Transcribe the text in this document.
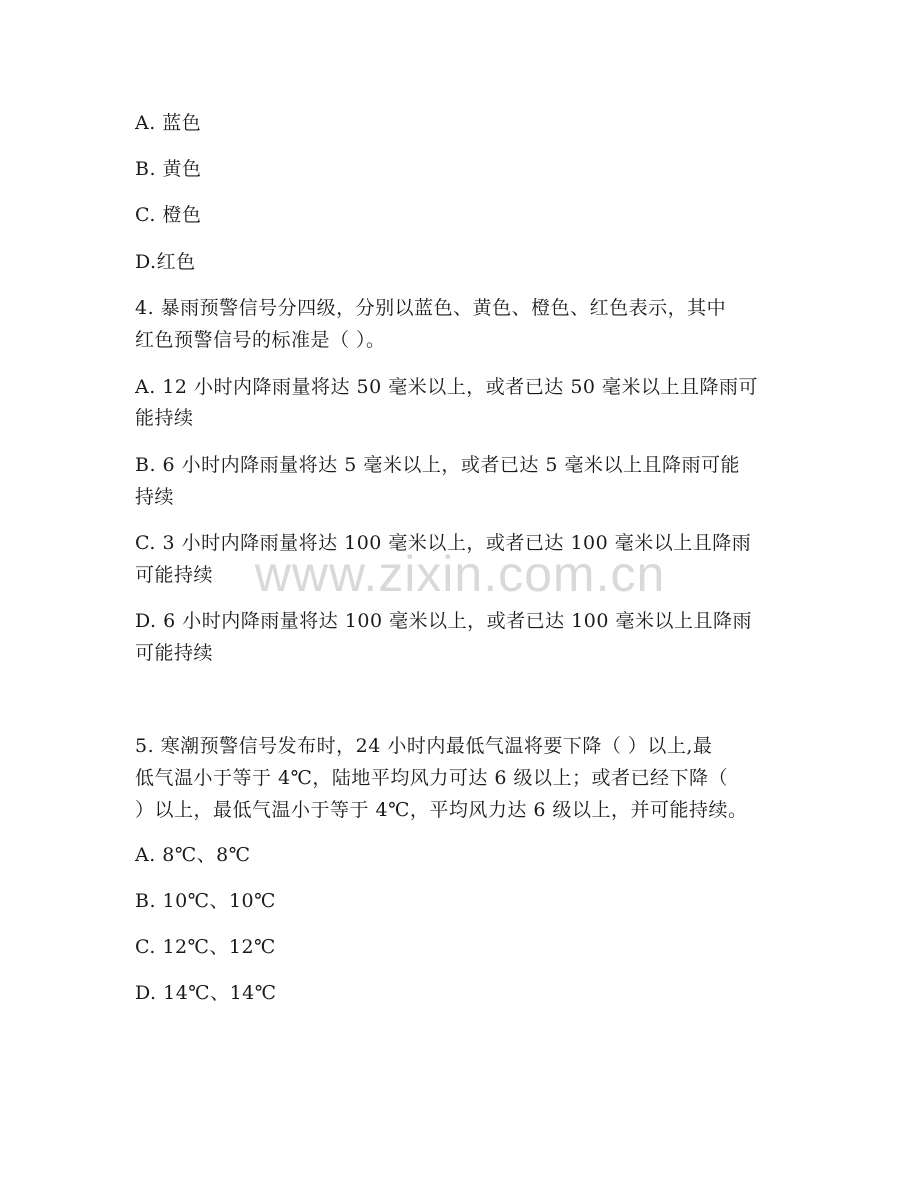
www.zixin.com.cn
A. 蓝色
B. 黄色
C. 橙色
D.红色
4. 暴雨预警信号分四级，分别以蓝色、黄色、橙色、红色表示，其中
红色预警信号的标准是（ ）。
A. 12 小时内降雨量将达 50 毫米以上，或者已达 50 毫米以上且降雨可
能持续
B. 6 小时内降雨量将达 5 毫米以上，或者已达 5 毫米以上且降雨可能
持续
C. 3 小时内降雨量将达 100 毫米以上，或者已达 100 毫米以上且降雨
可能持续
D. 6 小时内降雨量将达 100 毫米以上，或者已达 100 毫米以上且降雨
可能持续
5. 寒潮预警信号发布时，24 小时内最低气温将要下降（ ）以上,最
低气温小于等于 4℃，陆地平均风力可达 6 级以上；或者已经下降（
）以上，最低气温小于等于 4℃，平均风力达 6 级以上，并可能持续。
A. 8℃、8℃
B. 10℃、10℃
C. 12℃、12℃
D. 14℃、14℃
